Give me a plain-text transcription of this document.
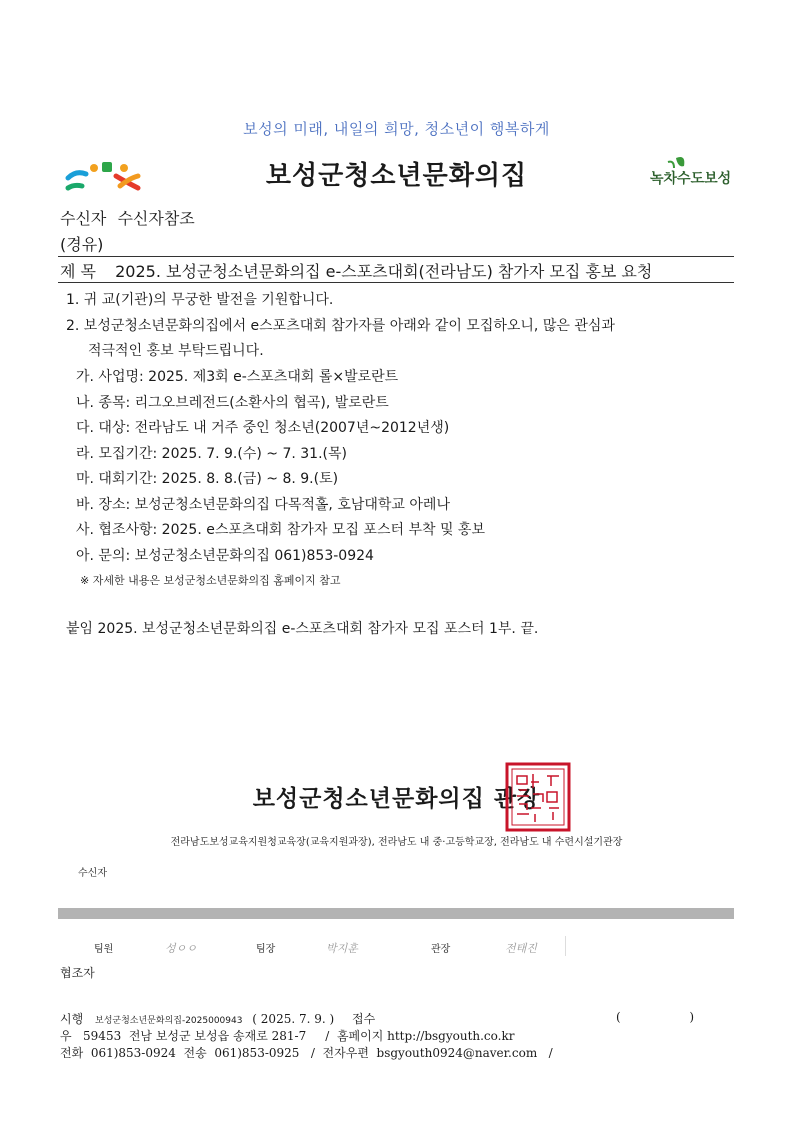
보성의 미래, 내일의 희망, 청소년이 행복하게
보성군청소년문화의집	녹차수도보성
수신자 수신자참조
(경유)
제 목 2025. 보성군청소년문화의집 e-스포츠대회(전라남도) 참가자 모집 홍보 요청
1. 귀 교(기관)의 무궁한 발전을 기원합니다.
2. 보성군청소년문화의집에서 e스포츠대회 참가자를 아래와 같이 모집하오니, 많은 관심과
적극적인 홍보 부탁드립니다.
가. 사업명: 2025. 제3회 e-스포츠대회 롤×발로란트
나. 종목: 리그오브레전드(소환사의 협곡), 발로란트
다. 대상: 전라남도 내 거주 중인 청소년(2007년~2012년생)
라. 모집기간: 2025. 7. 9.(수) ~ 7. 31.(목)
마. 대회기간: 2025. 8. 8.(금) ~ 8. 9.(토)
바. 장소: 보성군청소년문화의집 다목적홀, 호남대학교 아레나
사. 협조사항: 2025. e스포츠대회 참가자 모집 포스터 부착 및 홍보
아. 문의: 보성군청소년문화의집 061)853-0924
※ 자세한 내용은 보성군청소년문화의집 홈페이지 참고
붙임 2025. 보성군청소년문화의집 e-스포츠대회 참가자 모집 포스터 1부. 끝.
보성군청소년문화의집 관장
전라남도보성교육지원청교육장(교육지원과장), 전라남도 내 중·고등학교장, 전라남도 내 수련시설기관장
수신자
팀원	성ㅇㅇ	팀장	박지훈	관장	전태진
협조자
시행 보성군청소년문화의집-2025000943 ( 2025. 7. 9. ) 접수	(                  )
우   59453  전남 보성군 보성읍 송재로 281-7     /  홈페이지 http://bsgyouth.co.kr
전화  061)853-0924  전송  061)853-0925   /  전자우편  bsgyouth0924@naver.com   /
